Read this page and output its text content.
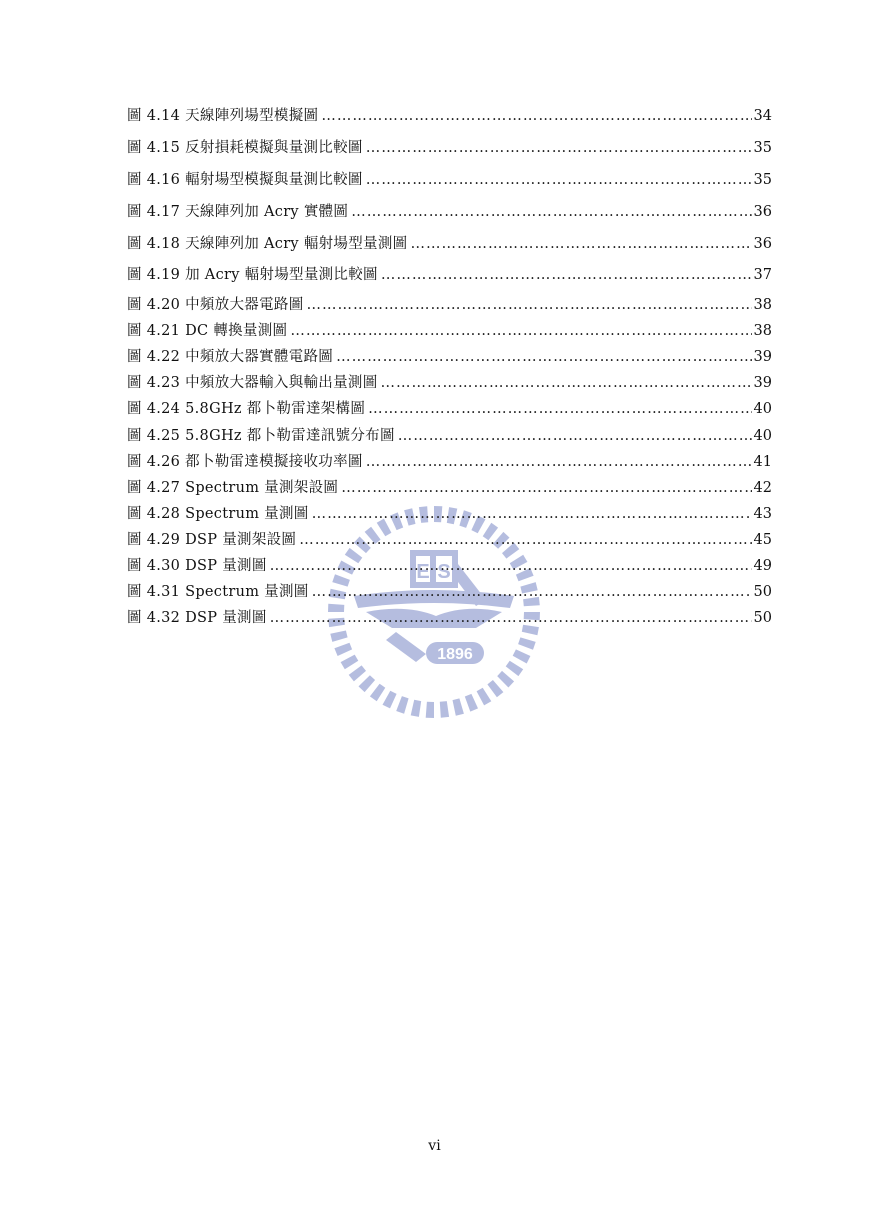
E S
1896
圖 4.14 天線陣列場型模擬圖 …………………………………………………………………………………………………………………………………………………………………………………………………………………	34
圖 4.15 反射損耗模擬與量測比較圖 …………………………………………………………………………………………………………………………………………………………………………………………………………………	35
圖 4.16 輻射場型模擬與量測比較圖 …………………………………………………………………………………………………………………………………………………………………………………………………………………	35
圖 4.17 天線陣列加 Acry 實體圖 …………………………………………………………………………………………………………………………………………………………………………………………………………………	36
圖 4.18 天線陣列加 Acry 輻射場型量測圖 …………………………………………………………………………………………………………………………………………………………………………………………………………………	36
圖 4.19 加 Acry 輻射場型量測比較圖 …………………………………………………………………………………………………………………………………………………………………………………………………………………	37
圖 4.20 中頻放大器電路圖 …………………………………………………………………………………………………………………………………………………………………………………………………………………	38
圖 4.21 DC 轉換量測圖 …………………………………………………………………………………………………………………………………………………………………………………………………………………	38
圖 4.22 中頻放大器實體電路圖 …………………………………………………………………………………………………………………………………………………………………………………………………………………	39
圖 4.23 中頻放大器輸入與輸出量測圖 …………………………………………………………………………………………………………………………………………………………………………………………………………………	39
圖 4.24 5.8GHz 都卜勒雷達架構圖 …………………………………………………………………………………………………………………………………………………………………………………………………………………	40
圖 4.25 5.8GHz 都卜勒雷達訊號分布圖 …………………………………………………………………………………………………………………………………………………………………………………………………………………	40
圖 4.26 都卜勒雷達模擬接收功率圖 …………………………………………………………………………………………………………………………………………………………………………………………………………………	41
圖 4.27 Spectrum 量測架設圖 …………………………………………………………………………………………………………………………………………………………………………………………………………………	42
圖 4.28 Spectrum 量測圖 …………………………………………………………………………………………………………………………………………………………………………………………………………………	43
圖 4.29 DSP 量測架設圖 …………………………………………………………………………………………………………………………………………………………………………………………………………………	45
圖 4.30 DSP 量測圖 …………………………………………………………………………………………………………………………………………………………………………………………………………………	49
圖 4.31 Spectrum 量測圖 …………………………………………………………………………………………………………………………………………………………………………………………………………………	50
圖 4.32 DSP 量測圖 …………………………………………………………………………………………………………………………………………………………………………………………………………………	50
vi
